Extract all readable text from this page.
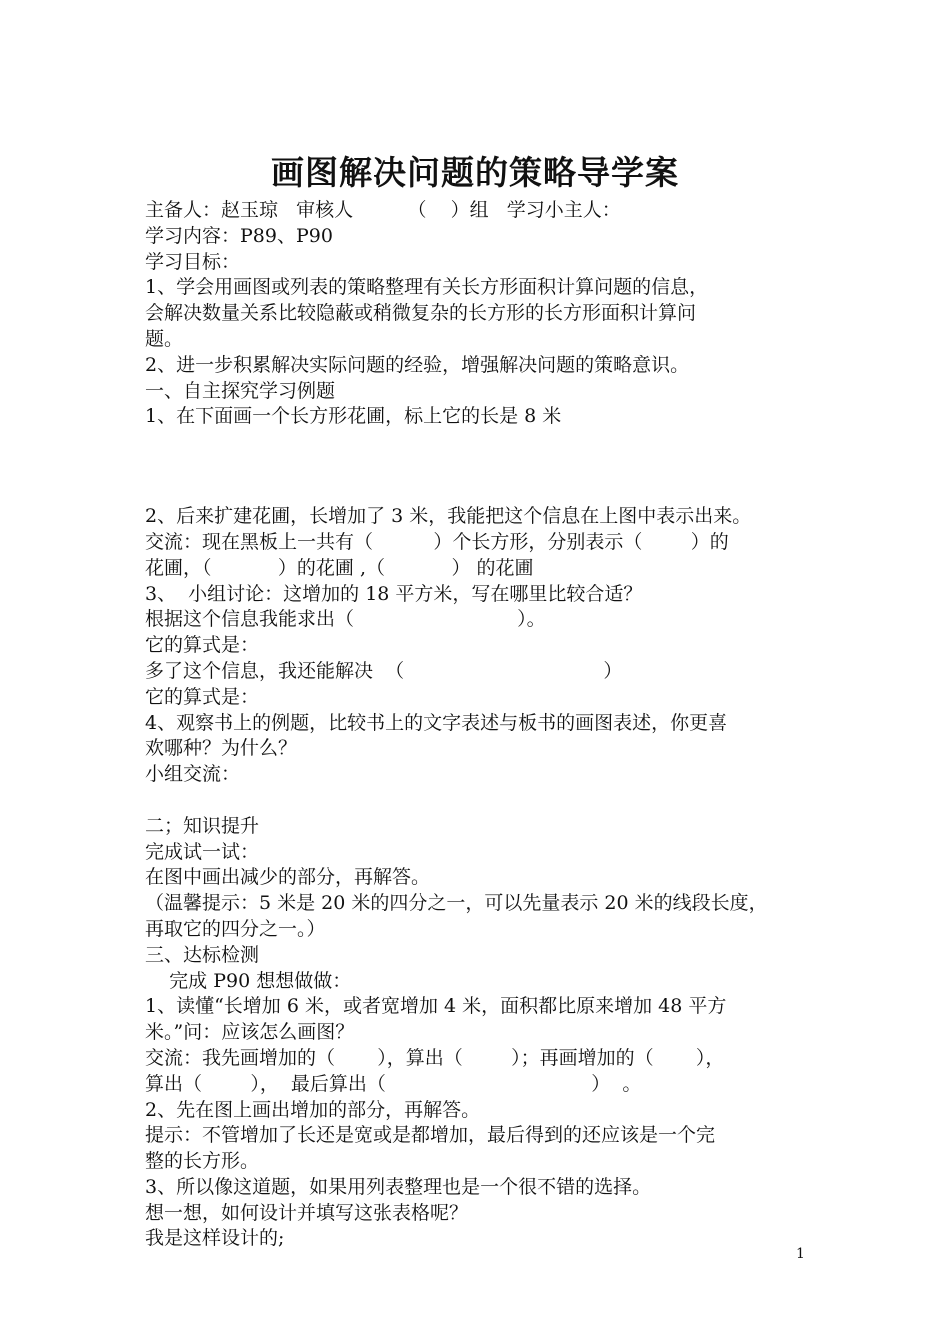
画图解决问题的策略导学案
主备人：赵玉琼   审核人         （    ）组   学习小主人：
学习内容：P89、P90
学习目标：
1、学会用画图或列表的策略整理有关长方形面积计算问题的信息，
会解决数量关系比较隐蔽或稍微复杂的长方形的长方形面积计算问
题。
2、进一步积累解决实际问题的经验，增强解决问题的策略意识。
一、自主探究学习例题
1、在下面画一个长方形花圃，标上它的长是 8 米
2、后来扩建花圃，长增加了 3 米，我能把这个信息在上图中表示出来。
交流：现在黑板上一共有（          ）个长方形，分别表示（        ）的
花圃，（           ）的花圃 ,（           ） 的花圃
3、  小组讨论：这增加的 18 平方米，写在哪里比较合适？
根据这个信息我能求出（                           ）。
它的算式是：
多了这个信息，我还能解决  （                                 ）
它的算式是：
4、观察书上的例题，比较书上的文字表述与板书的画图表述，你更喜
欢哪种？为什么？
小组交流：
二；知识提升
完成试一试：
在图中画出减少的部分，再解答。
（温馨提示：5 米是 20 米的四分之一，可以先量表示 20 米的线段长度，
再取它的四分之一。）
三、达标检测
完成 P90 想想做做：
1、读懂“长增加 6 米，或者宽增加 4 米，面积都比原来增加 48 平方
米。”问：应该怎么画图？
交流：我先画增加的（       ），算出（        ）；再画增加的（       ），
算出（        ），  最后算出（                                  ）  。
2、先在图上画出增加的部分，再解答。
提示：不管增加了长还是宽或是都增加，最后得到的还应该是一个完
整的长方形。
3、所以像这道题，如果用列表整理也是一个很不错的选择。
想一想，如何设计并填写这张表格呢？
我是这样设计的;
1
